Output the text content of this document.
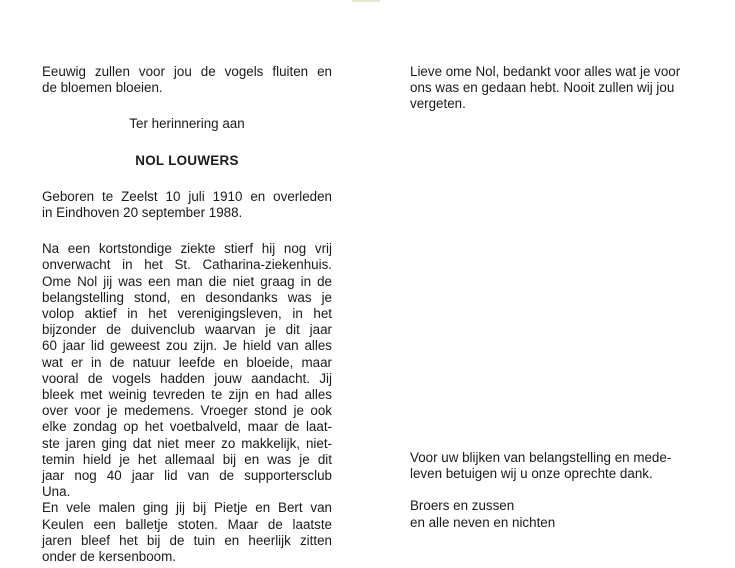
Eeuwig zullen voor jou de vogels fluiten en
de bloemen bloeien.

Ter herinnering aan

NOL LOUWERS

Geboren te Zeelst 10 juli 1910 en overleden
in Eindhoven 20 september 1988.

Na een kortstondige ziekte stierf hij nog vrij
onverwacht in het St. Catharina-ziekenhuis.
Ome Nol jij was een man die niet graag in de
belangstelling stond, en desondanks was je
volop aktief in het verenigingsleven, in het
bijzonder de duivenclub waarvan je dit jaar
60 jaar lid geweest zou zijn. Je hield van alles
wat er in de natuur leefde en bloeide, maar
vooral de vogels hadden jouw aandacht. Jij
bleek met weinig tevreden te zijn en had alles
over voor je medemens. Vroeger stond je ook
elke zondag op het voetbalveld, maar de laat-
ste jaren ging dat niet meer zo makkelijk, niet-
temin hield je het allemaal bij en was je dit
jaar nog 40 jaar lid van de supportersclub
Una.

En vele malen ging jij bij Pietje en Bert van
Keulen een balletje stoten. Maar de laatste
jaren bleef het bij de tuin en heerlijk zitten
onder de kersenboom.

Lieve ome Nol, bedankt voor alles wat je voor
ons was en gedaan hebt. Nooit zullen wij jou
vergeten.

Voor uw blijken van belangstelling en mede-
leven betuigen wij u onze oprechte dank.

Broers en zussen
en alle neven en nichten
